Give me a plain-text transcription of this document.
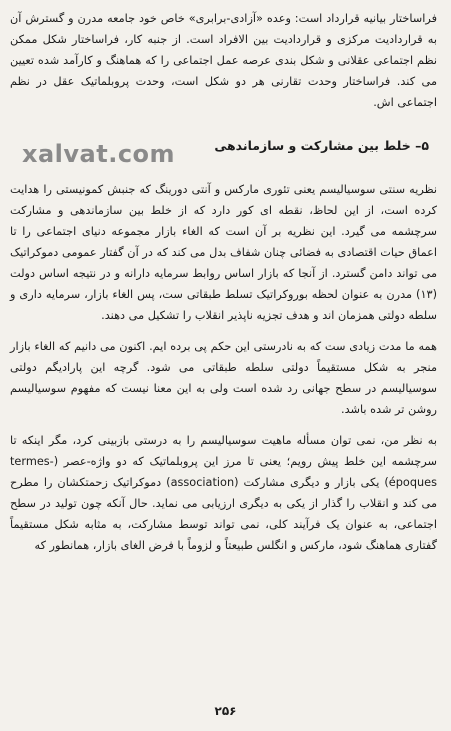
فراساختار بیانیه قرارداد است: وعده «آزادی-برابری» خاص خود جامعه مدرن و گسترش آن به قراردادیت مرکزی و قراردادیت بین الافراد است. از جنبه کار، فراساختار شکل ممکن نظم اجتماعی عقلانی و شکل بندی عرصه عمل اجتماعی را که هماهنگ و کارآمد شده تعیین می کند. فراساختار وحدت تقارنی هر دو شکل است، وحدت پروبلماتیک عقل در نظم اجتماعی اش.

xalvat.com	۵– خلط بین مشارکت و سازماندهی

نظریه سنتی سوسیالیسم یعنی تئوری مارکس و آنتی دورینگ که جنبش کمونیستی را هدایت کرده است، از این لحاظ، نقطه ای کور دارد که از خلط بین سازماندهی و مشارکت سرچشمه می گیرد. این نظریه بر آن است که الغاء بازار مجموعه دنیای اجتماعی را تا اعماق حیات اقتصادی به فضائی چنان شفاف بدل می کند که در آن گفتار عمومی دموکراتیک می تواند دامن گسترد. از آنجا که بازار اساس روابط سرمایه دارانه و در نتیجه اساس دولت (۱۳) مدرن به عنوان لحظه بوروکراتیک تسلط طبقاتی ست، پس الغاء بازار، سرمایه داری و سلطه دولتی همزمان اند و هدف تجزیه ناپذیر انقلاب را تشکیل می دهند.

همه ما مدت زیادی ست که به نادرستی این حکم پی برده ایم. اکنون می دانیم که الغاء بازار منجر به شکل مستقیماً دولتی سلطه طبقاتی می شود. گرچه این پارادیگم دولتی سوسیالیسم در سطح جهانی رد شده است ولی به این معنا نیست که مفهوم سوسیالیسم روشن تر شده باشد.

به نظر من، نمی توان مسأله ماهیت سوسیالیسم را به درستی بازبینی کرد، مگر اینکه تا سرچشمه این خلط پیش رویم؛ یعنی تا مرز این پروبلماتیک که دو واژه-عصر (termes-époques) یکی بازار و دیگری مشارکت (association) دموکراتیک زحمتکشان را مطرح می کند و انقلاب را گذار از یکی به دیگری ارزیابی می نماید. حال آنکه چون تولید در سطح اجتماعی، به عنوان یک فرآیند کلی، نمی تواند توسط مشارکت، به مثابه شکل مستقیماً گفتاری هماهنگ شود، مارکس و انگلس طبیعتاً و لزوماً با فرض الغای بازار، همانطور که

۲۵۶
